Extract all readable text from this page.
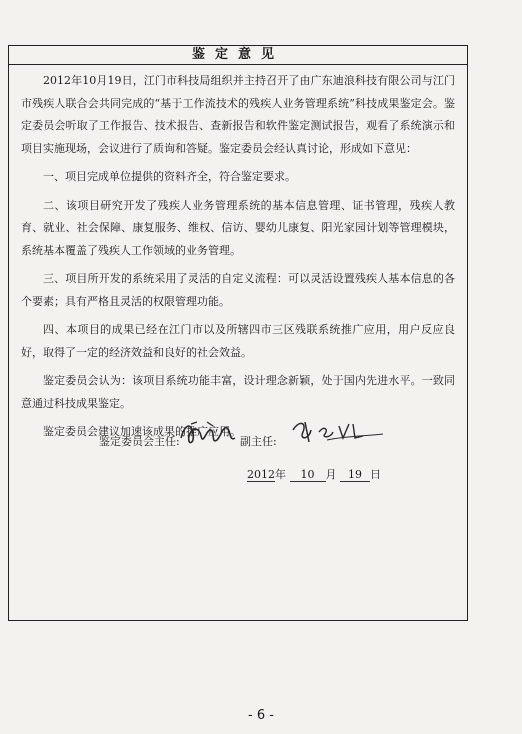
鉴定意见

2012年10月19日，江门市科技局组织并主持召开了由广东迪浪科技有限公司与江门市残疾人联合会共同完成的“基于工作流技术的残疾人业务管理系统”科技成果鉴定会。鉴定委员会听取了工作报告、技术报告、查新报告和软件鉴定测试报告，观看了系统演示和项目实施现场，会议进行了质询和答疑。鉴定委员会经认真讨论，形成如下意见：

一、项目完成单位提供的资料齐全，符合鉴定要求。

二、该项目研究开发了残疾人业务管理系统的基本信息管理、证书管理，残疾人教育、就业、社会保障、康复服务、维权、信访、婴幼儿康复、阳光家园计划等管理模块，系统基本覆盖了残疾人工作领域的业务管理。

三、项目所开发的系统采用了灵活的自定义流程：可以灵活设置残疾人基本信息的各个要素；具有严格且灵活的权限管理功能。

四、本项目的成果已经在江门市以及所辖四市三区残联系统推广应用，用户反应良好，取得了一定的经济效益和良好的社会效益。

鉴定委员会认为：该项目系统功能丰富，设计理念新颖，处于国内先进水平。一致同意通过科技成果鉴定。

鉴定委员会建议加速该成果的推广应用。

鉴定委员会主任:	副主任:
2012年 10 月 19 日
- 6 -
